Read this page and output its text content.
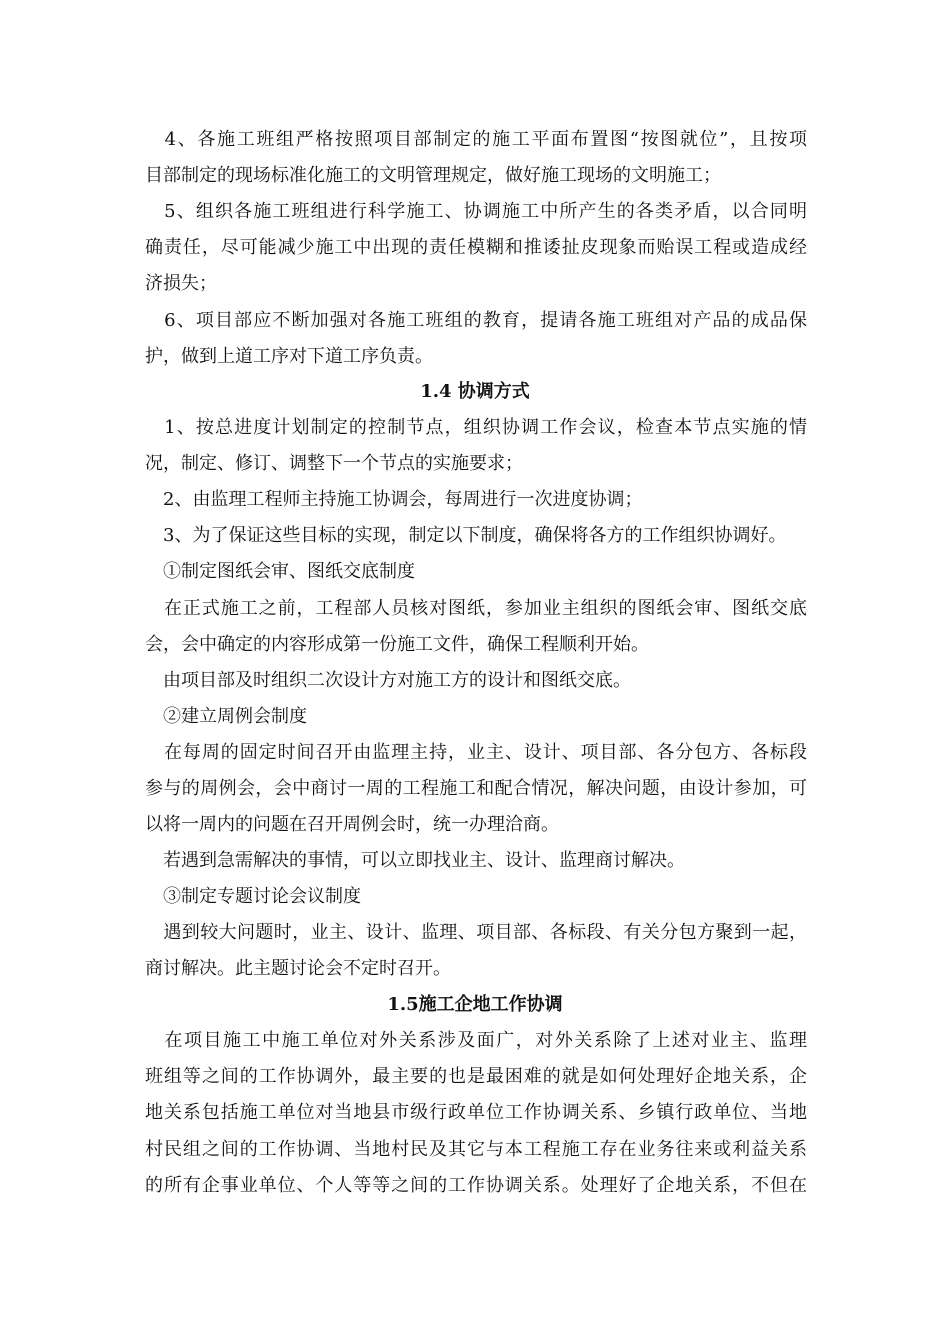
　4、各施工班组严格按照项目部制定的施工平面布置图“按图就位”，且按项
目部制定的现场标准化施工的文明管理规定，做好施工现场的文明施工；

　5、组织各施工班组进行科学施工、协调施工中所产生的各类矛盾，以合同明
确责任，尽可能减少施工中出现的责任模糊和推诿扯皮现象而贻误工程或造成经
济损失；

　6、项目部应不断加强对各施工班组的教育，提请各施工班组对产品的成品保
护，做到上道工序对下道工序负责。

1.4 协调方式

　1、按总进度计划制定的控制节点，组织协调工作会议，检查本节点实施的情
况，制定、修订、调整下一个节点的实施要求；

　2、由监理工程师主持施工协调会，每周进行一次进度协调；

　3、为了保证这些目标的实现，制定以下制度，确保将各方的工作组织协调好。

　①制定图纸会审、图纸交底制度

　在正式施工之前，工程部人员核对图纸，参加业主组织的图纸会审、图纸交底
会，会中确定的内容形成第一份施工文件，确保工程顺利开始。

　由项目部及时组织二次设计方对施工方的设计和图纸交底。

　②建立周例会制度

　在每周的固定时间召开由监理主持，业主、设计、项目部、各分包方、各标段
参与的周例会，会中商讨一周的工程施工和配合情况，解决问题，由设计参加，可
以将一周内的问题在召开周例会时，统一办理洽商。

　若遇到急需解决的事情，可以立即找业主、设计、监理商讨解决。

　③制定专题讨论会议制度

　遇到较大问题时，业主、设计、监理、项目部、各标段、有关分包方聚到一起，
商讨解决。此主题讨论会不定时召开。

1.5施工企地工作协调

　在项目施工中施工单位对外关系涉及面广，对外关系除了上述对业主、监理
班组等之间的工作协调外，最主要的也是最困难的就是如何处理好企地关系，企
地关系包括施工单位对当地县市级行政单位工作协调关系、乡镇行政单位、当地
村民组之间的工作协调、当地村民及其它与本工程施工存在业务往来或利益关系
的所有企事业单位、个人等等之间的工作协调关系。处理好了企地关系，不但在
